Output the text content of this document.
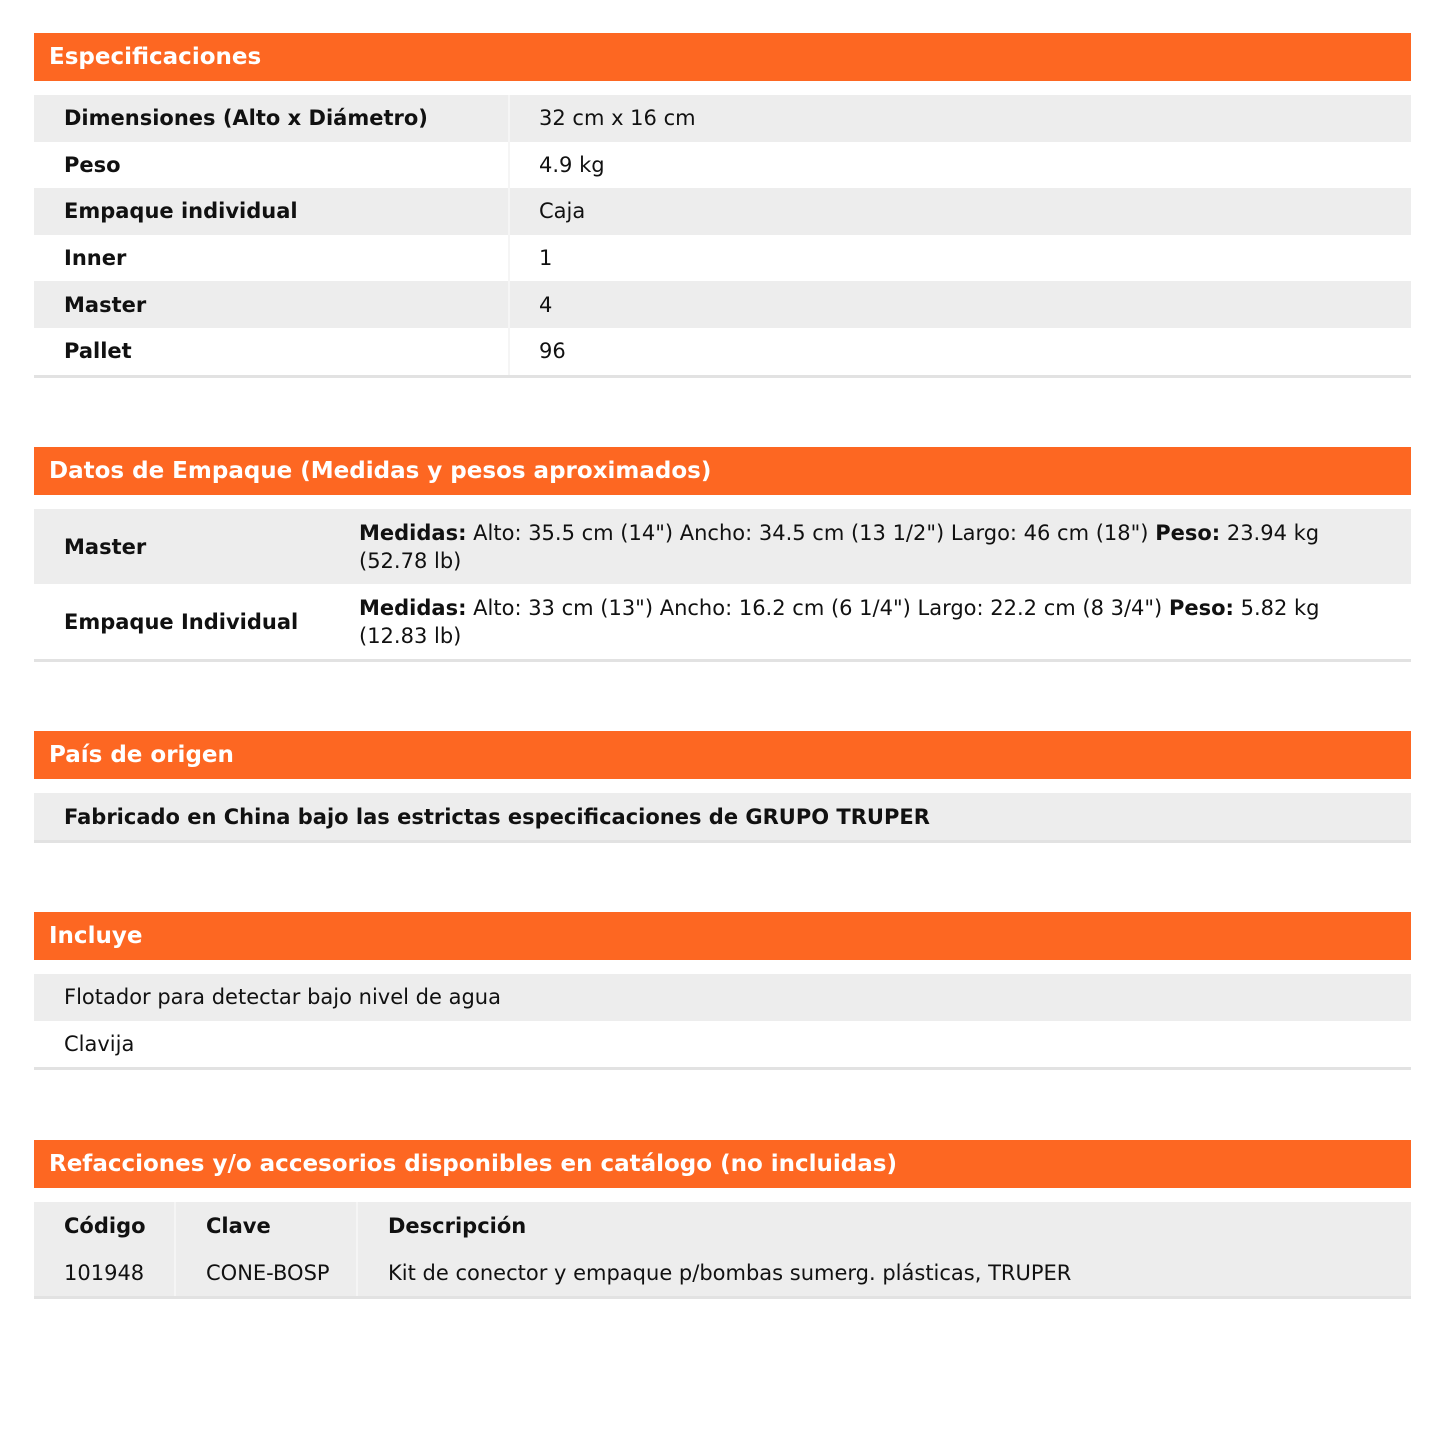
Especificaciones
Dimensiones (Alto x Diámetro)	32 cm x 16 cm
Peso	4.9 kg
Empaque individual	Caja
Inner	1
Master	4
Pallet	96
Datos de Empaque (Medidas y pesos aproximados)
Master
Medidas: Alto: 35.5 cm (14") Ancho: 34.5 cm (13 1/2") Largo: 46 cm (18") Peso: 23.94 kg (52.78 lb)
Empaque Individual
Medidas: Alto: 33 cm (13") Ancho: 16.2 cm (6 1/4") Largo: 22.2 cm (8 3/4") Peso: 5.82 kg (12.83 lb)
País de origen
Fabricado en China bajo las estrictas especificaciones de GRUPO TRUPER
Incluye
Flotador para detectar bajo nivel de agua
Clavija
Refacciones y/o accesorios disponibles en catálogo (no incluidas)
Código	Clave	Descripción
101948	CONE-BOSP	Kit de conector y empaque p/bombas sumerg. plásticas, TRUPER
